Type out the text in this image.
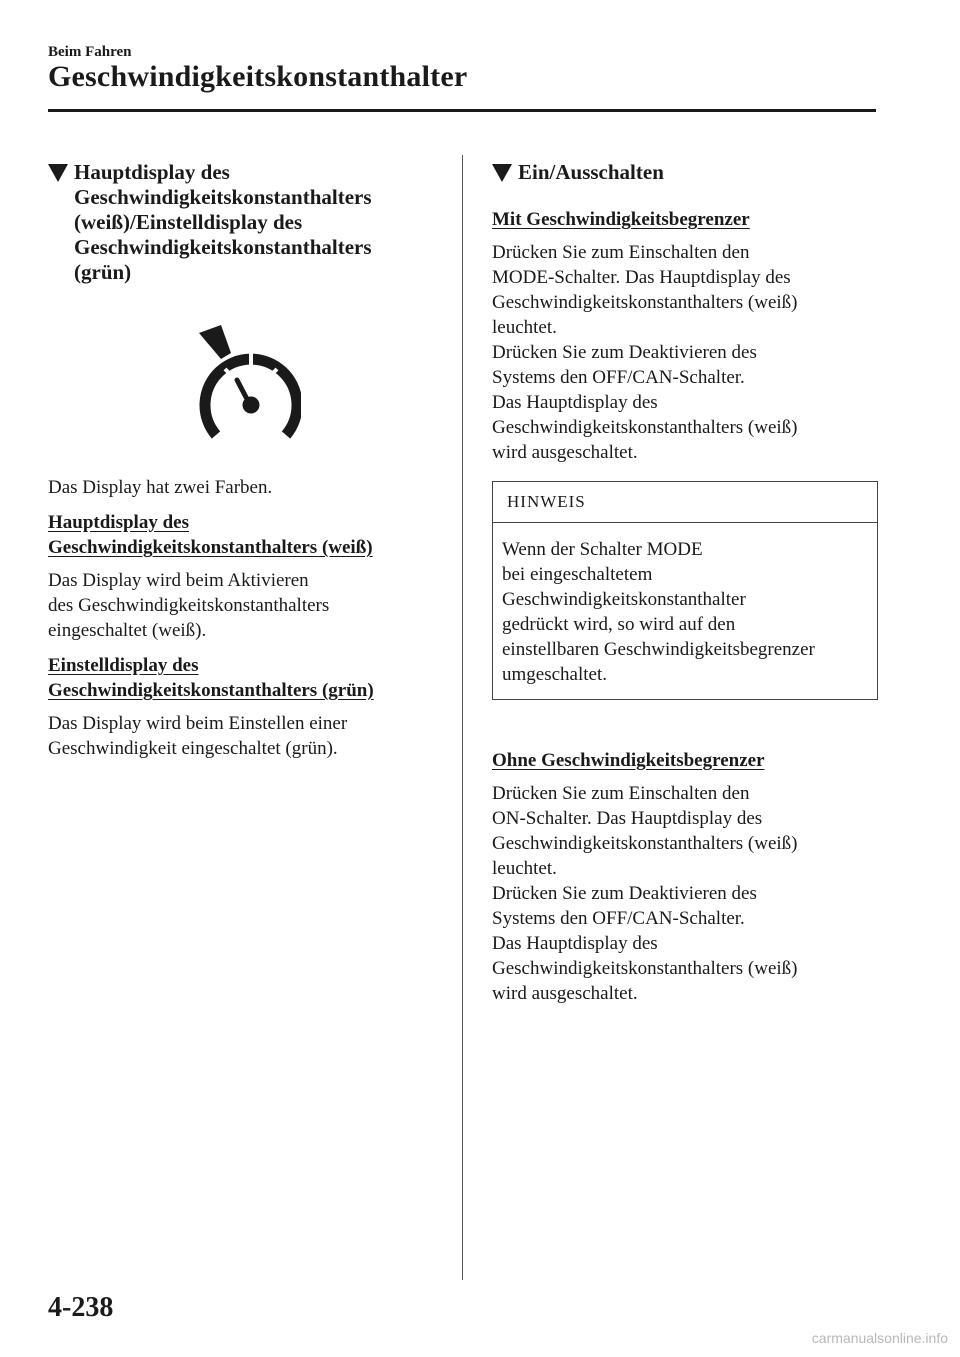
Beim Fahren

Geschwindigkeitskonstanthalter
Hauptdisplay des
Geschwindigkeitskonstanthalters
(weiß)/Einstelldisplay des
Geschwindigkeitskonstanthalters
(grün)

Das Display hat zwei Farben.

Hauptdisplay des
Geschwindigkeitskonstanthalters (weiß)

Das Display wird beim Aktivieren
des Geschwindigkeitskonstanthalters
eingeschaltet (weiß).

Einstelldisplay des
Geschwindigkeitskonstanthalters (grün)

Das Display wird beim Einstellen einer
Geschwindigkeit eingeschaltet (grün).

Ein/Ausschalten

Mit Geschwindigkeitsbegrenzer

Drücken Sie zum Einschalten den
MODE-Schalter. Das Hauptdisplay des
Geschwindigkeitskonstanthalters (weiß)
leuchtet.
Drücken Sie zum Deaktivieren des
Systems den OFF/CAN-Schalter.
Das Hauptdisplay des
Geschwindigkeitskonstanthalters (weiß)
wird ausgeschaltet.

HINWEIS
Wenn der Schalter MODE
bei eingeschaltetem
Geschwindigkeitskonstanthalter
gedrückt wird, so wird auf den
einstellbaren Geschwindigkeitsbegrenzer
umgeschaltet.

Ohne Geschwindigkeitsbegrenzer

Drücken Sie zum Einschalten den
ON-Schalter. Das Hauptdisplay des
Geschwindigkeitskonstanthalters (weiß)
leuchtet.
Drücken Sie zum Deaktivieren des
Systems den OFF/CAN-Schalter.
Das Hauptdisplay des
Geschwindigkeitskonstanthalters (weiß)
wird ausgeschaltet.

4-238
carmanualsonline.info
